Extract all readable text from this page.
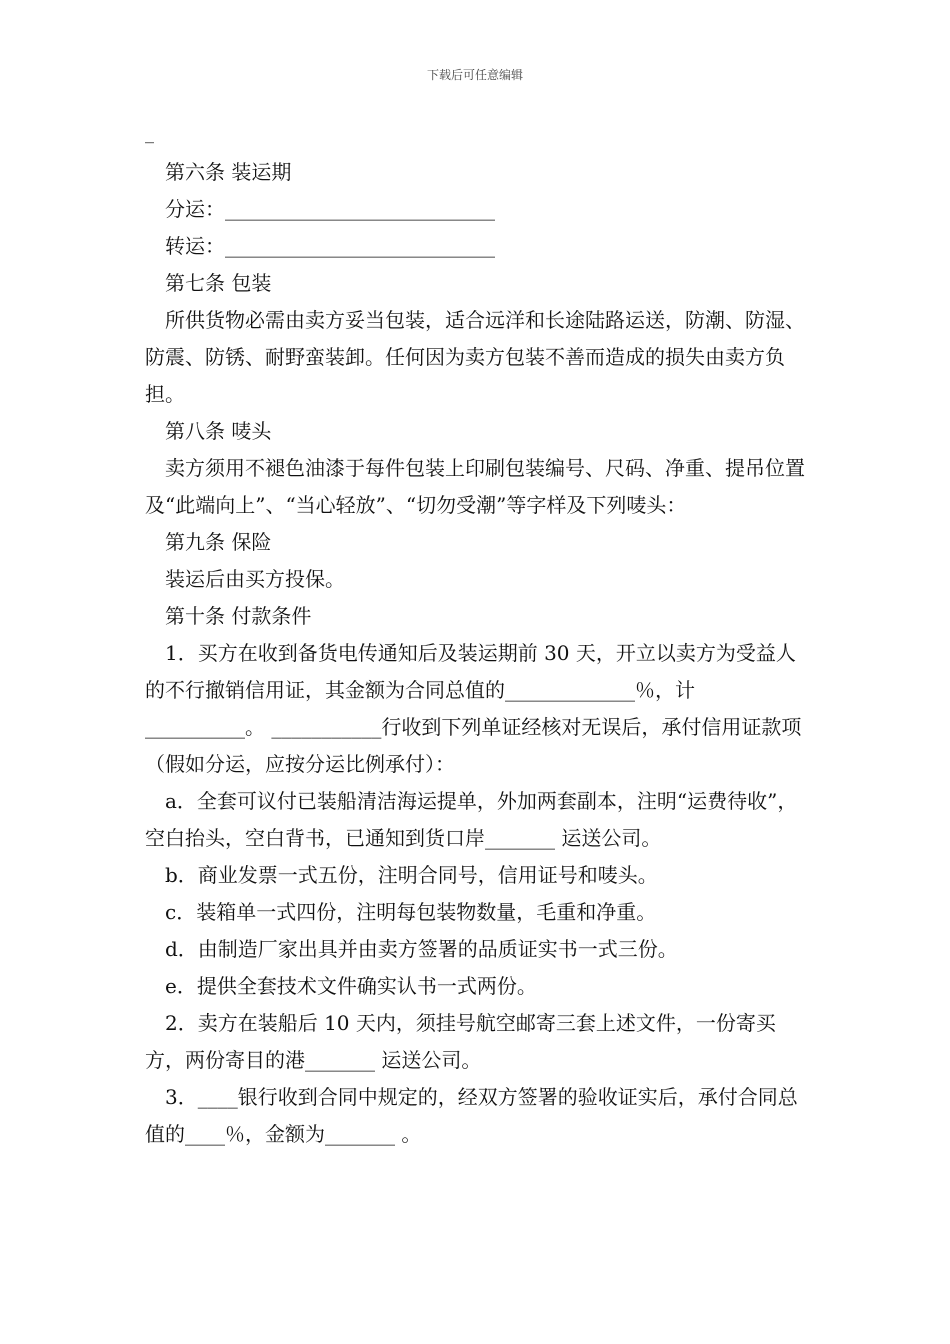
下载后可任意编辑
_

第六条 装运期

分运：___________________________

转运：___________________________

第七条 包装

所供货物必需由卖方妥当包装，适合远洋和长途陆路运送，防潮、防湿、防震、防锈、耐野蛮装卸。任何因为卖方包装不善而造成的损失由卖方负担。

第八条 唛头

卖方须用不褪色油漆于每件包装上印刷包装编号、尺码、净重、提吊位置及“此端向上”、“当心轻放”、“切勿受潮”等字样及下列唛头：

第九条 保险

装运后由买方投保。

第十条 付款条件

1．买方在收到备货电传通知后及装运期前 30 天，开立以卖方为受益人的不行撤销信用证，其金额为合同总值的_____________％，计__________。 ___________行收到下列单证经核对无误后，承付信用证款项（假如分运，应按分运比例承付）：

a．全套可议付已装船清洁海运提单，外加两套副本，注明“运费待收”，空白抬头，空白背书，已通知到货口岸_______ 运送公司。

b．商业发票一式五份，注明合同号，信用证号和唛头。

c．装箱单一式四份，注明每包装物数量，毛重和净重。

d．由制造厂家出具并由卖方签署的品质证实书一式三份。

e．提供全套技术文件确实认书一式两份。

2．卖方在装船后 10 天内，须挂号航空邮寄三套上述文件，一份寄买方，两份寄目的港_______ 运送公司。

3．____银行收到合同中规定的，经双方签署的验收证实后，承付合同总值的____％，金额为_______ 。
